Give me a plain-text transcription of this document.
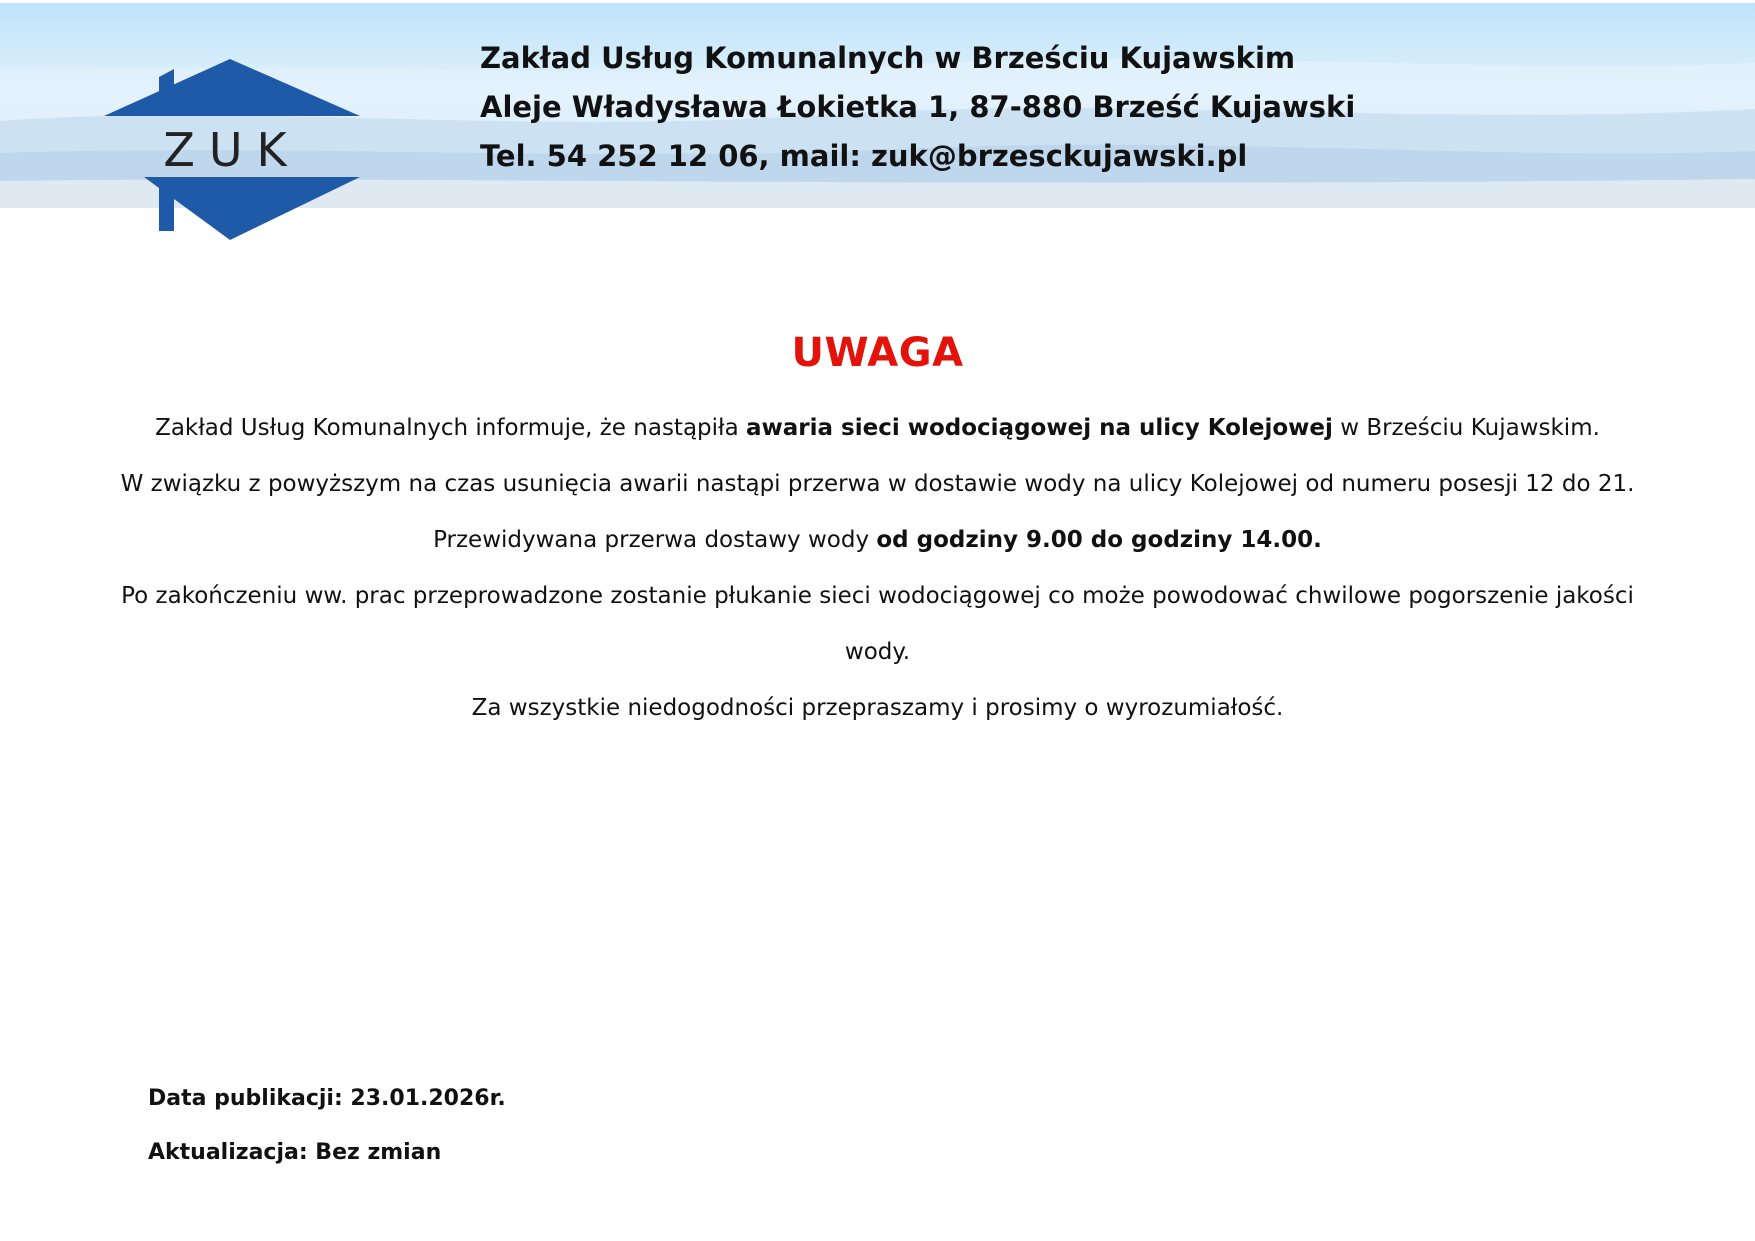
ZUK
Zakład Usług Komunalnych w Brześciu Kujawskim
Aleje Władysława Łokietka 1, 87-880 Brześć Kujawski
Tel. 54 252 12 06, mail: zuk@brzesckujawski.pl
UWAGA

Zakład Usług Komunalnych informuje, że nastąpiła awaria sieci wodociągowej na ulicy Kolejowej w Brześciu Kujawskim.

W związku z powyższym na czas usunięcia awarii nastąpi przerwa w dostawie wody na ulicy Kolejowej od numeru posesji 12 do 21.

Przewidywana przerwa dostawy wody od godziny 9.00 do godziny 14.00.

Po zakończeniu ww. prac przeprowadzone zostanie płukanie sieci wodociągowej co może powodować chwilowe pogorszenie jakości wody.

Za wszystkie niedogodności przepraszamy i prosimy o wyrozumiałość.

Data publikacji: 23.01.2026r.

Aktualizacja: Bez zmian
